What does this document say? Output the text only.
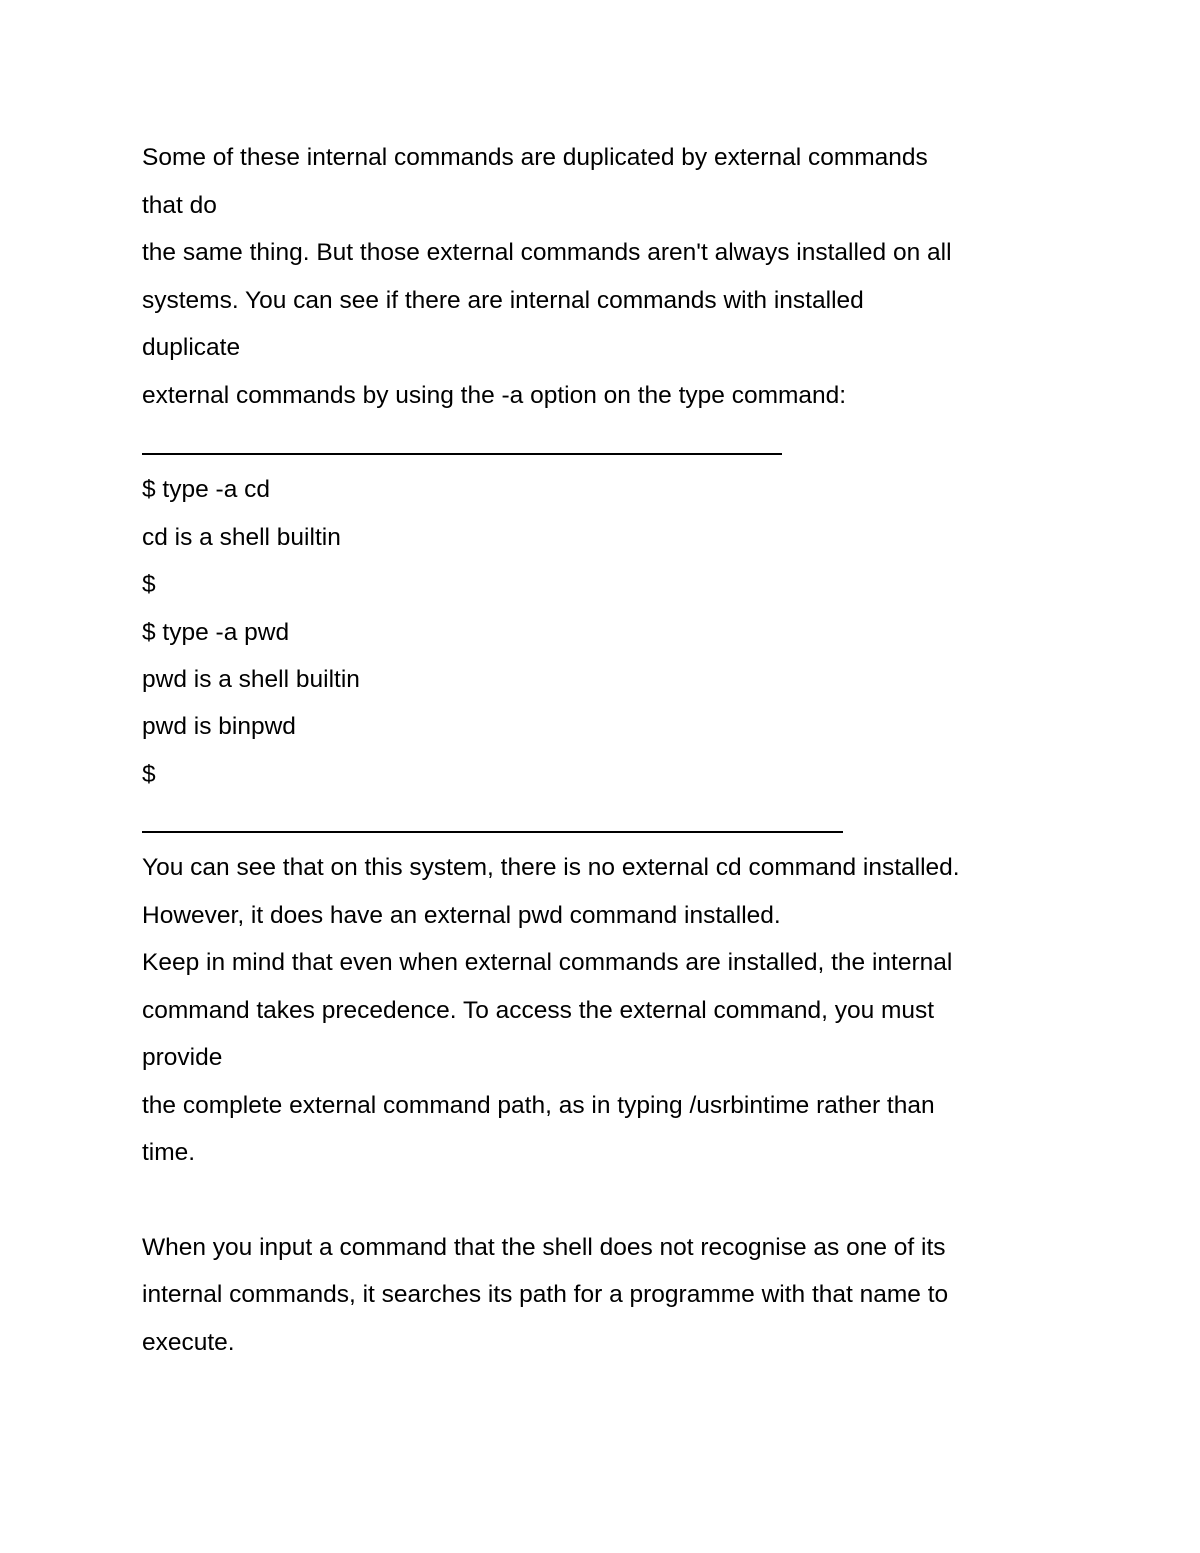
Some of these internal commands are duplicated by external commands

that do

the same thing. But those external commands aren't always installed on all

systems. You can see if there are internal commands with installed

duplicate

external commands by using the -a option on the type command:

$ type -a cd

cd is a shell builtin

$

$ type -a pwd

pwd is a shell builtin

pwd is binpwd

$

You can see that on this system, there is no external cd command installed.

However, it does have an external pwd command installed.

Keep in mind that even when external commands are installed, the internal

command takes precedence. To access the external command, you must

provide

the complete external command path, as in typing /usrbintime rather than

time.

When you input a command that the shell does not recognise as one of its

internal commands, it searches its path for a programme with that name to

execute.
